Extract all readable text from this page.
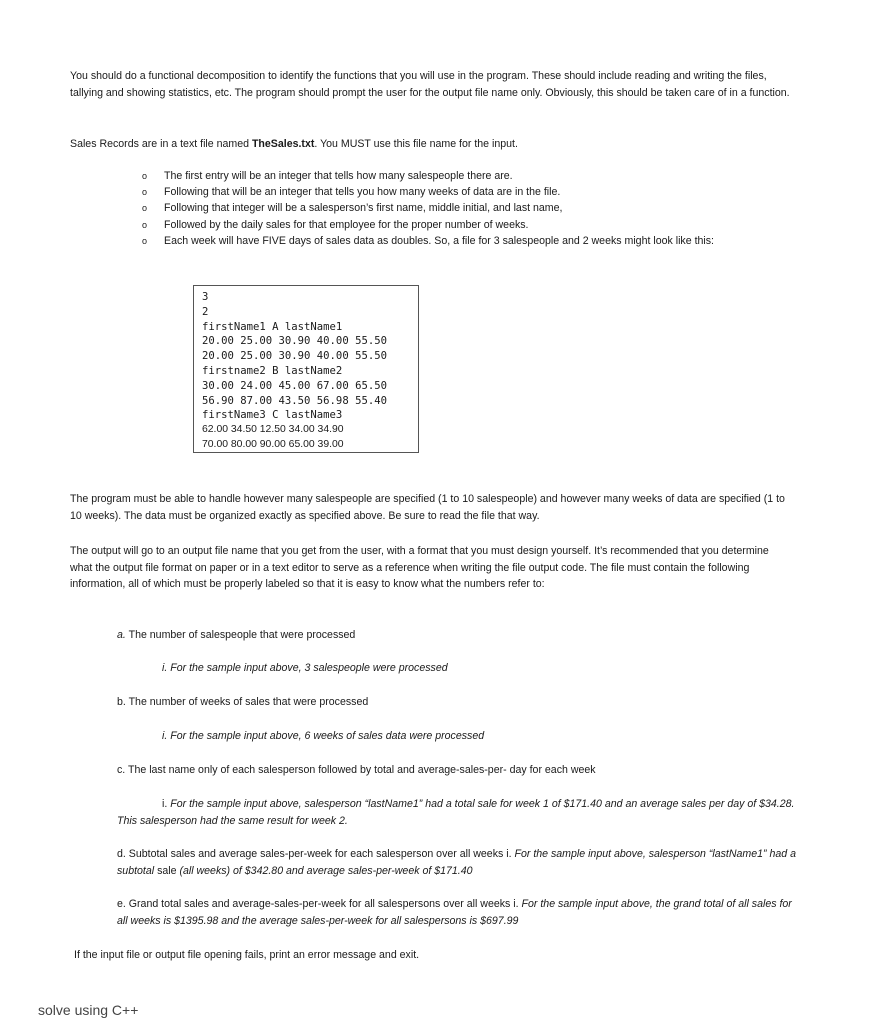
You should do a functional decomposition to identify the functions that you will use in the program. These should include reading and writing the files, tallying and showing statistics, etc. The program should prompt the user for the output file name only. Obviously, this should be taken care of in a function.
Sales Records are in a text file named TheSales.txt. You MUST use this file name for the input.
o The first entry will be an integer that tells how many salespeople there are.
o Following that will be an integer that tells you how many weeks of data are in the file.
o Following that integer will be a salesperson’s first name, middle initial, and last name,
o Followed by the daily sales for that employee for the proper number of weeks.
o Each week will have FIVE days of sales data as doubles. So, a file for 3 salespeople and 2 weeks might look like this:
3
2
firstName1 A lastName1
20.00 25.00 30.90 40.00 55.50
20.00 25.00 30.90 40.00 55.50
firstname2 B lastName2
30.00 24.00 45.00 67.00 65.50
56.90 87.00 43.50 56.98 55.40
firstName3 C lastName3
62.00 34.50 12.50 34.00 34.90
70.00 80.00 90.00 65.00 39.00
The program must be able to handle however many salespeople are specified (1 to 10 salespeople) and however many weeks of data are specified (1 to 10 weeks). The data must be organized exactly as specified above. Be sure to read the file that way.
The output will go to an output file name that you get from the user, with a format that you must design yourself. It’s recommended that you determine what the output file format on paper or in a text editor to serve as a reference when writing the file output code. The file must contain the following information, all of which must be properly labeled so that it is easy to know what the numbers refer to:
a. The number of salespeople that were processed
i. For the sample input above, 3 salespeople were processed
b. The number of weeks of sales that were processed
i. For the sample input above, 6 weeks of sales data were processed
c. The last name only of each salesperson followed by total and average-sales-per- day for each week
i. For the sample input above, salesperson “lastName1” had a total sale for week 1 of $171.40 and an average sales per day of $34.28. This salesperson had the same result for week 2.
d. Subtotal sales and average sales-per-week for each salesperson over all weeks i. For the sample input above, salesperson “lastName1” had a subtotal sale (all weeks) of $342.80 and average sales-per-week of $171.40
e. Grand total sales and average-sales-per-week for all salespersons over all weeks i. For the sample input above, the grand total of all sales for all weeks is $1395.98 and the average sales-per-week for all salespersons is $697.99
If the input file or output file opening fails, print an error message and exit.
solve using C++
